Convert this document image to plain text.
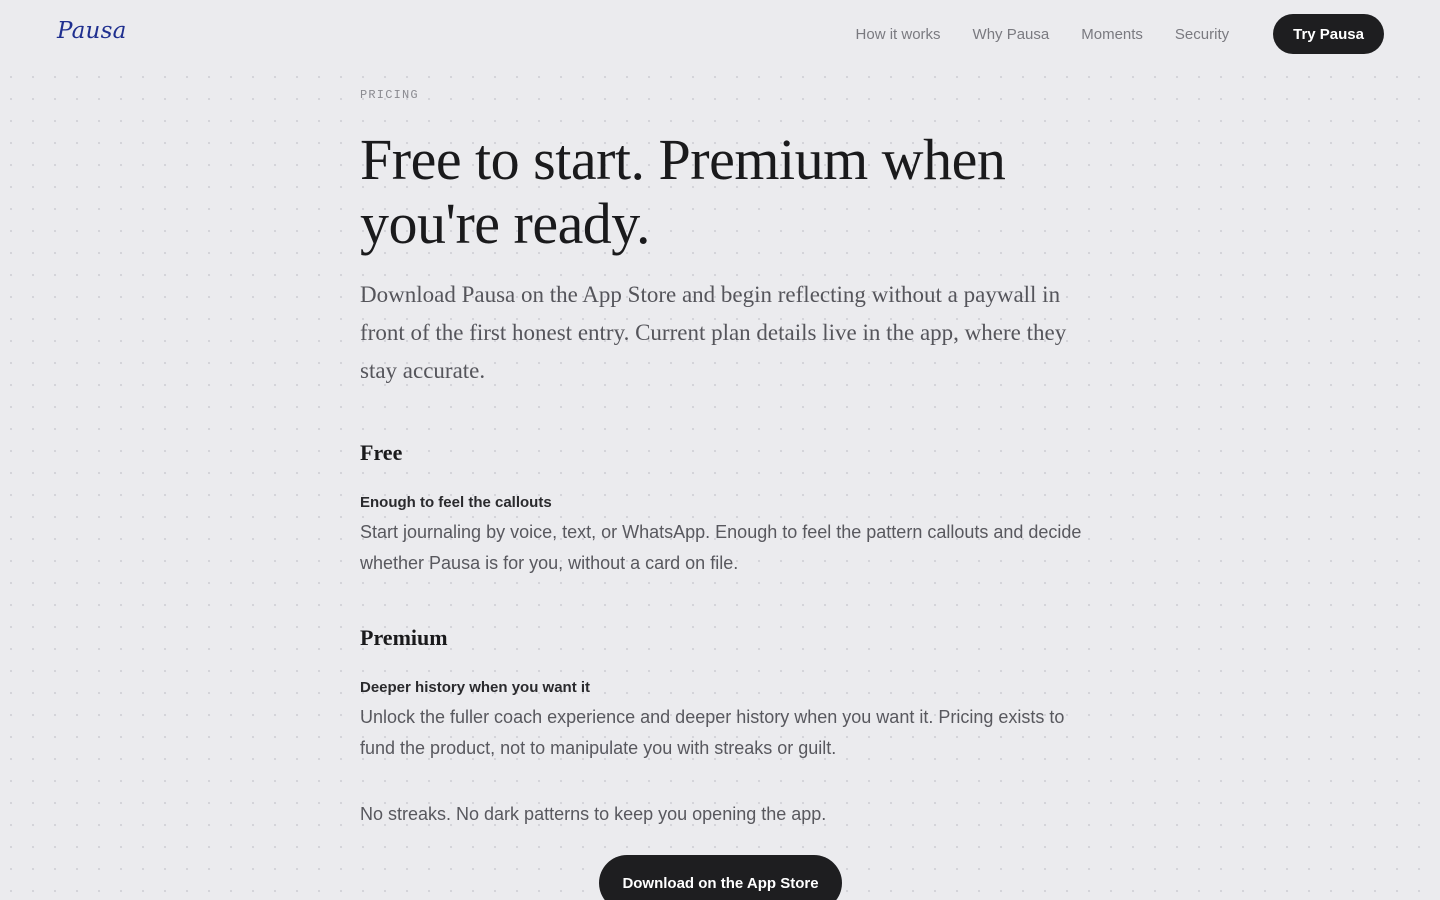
Pausa	How it works Why Pausa Moments Security	Try Pausa
PRICING
Free to start. Premium when you're ready.

Download Pausa on the App Store and begin reflecting without a paywall in front of the first honest entry. Current plan details live in the app, where they stay accurate.

Free
Enough to feel the callouts

Start journaling by voice, text, or WhatsApp. Enough to feel the pattern callouts and decide whether Pausa is for you, without a card on file.

Premium
Deeper history when you want it

Unlock the fuller coach experience and deeper history when you want it. Pricing exists to fund the product, not to manipulate you with streaks or guilt.

No streaks. No dark patterns to keep you opening the app.

Download on the App Store
